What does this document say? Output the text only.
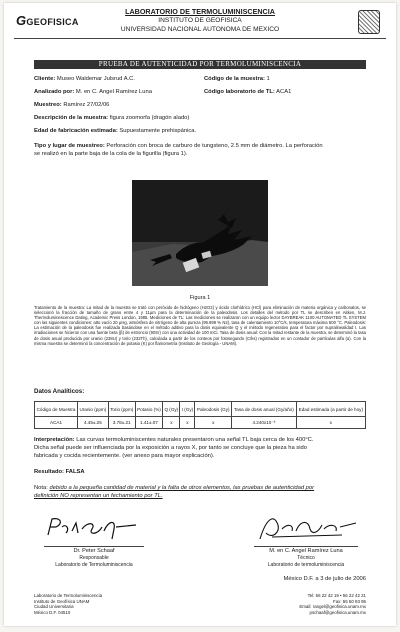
GGEOFISICA
LABORATORIO DE TERMOLUMINISCENCIA
INSTITUTO DE GEOFISICA
UNIVERSIDAD NACIONAL AUTONOMA DE MEXICO
PRUEBA DE AUTENTICIDAD POR TERMOLUMINISCENCIA
Cliente: Museo Waldemar Julsrud A.C.	Código de la muestra: 1
Analizado por: M. en C. Angel Ramírez Luna	Código laboratorio de TL: ACA1
Muestreo: Ramírez 27/02/06
Descripción de la muestra: figura zoomorfa (dragón alado)
Edad de fabricación estimada: Supuestamente prehispánica.
Tipo y lugar de muestreo: Perforación con broca de carburo de tungsteno, 2.5 mm de diámetro. La perforación
se realizó en la parte baja de la cola de la figurilla (figura 1).
Figura 1
Tratamiento de la muestra: La mitad de la muestra se trató con peróxido de hidrógeno (H2O2) y ácido clorhídrico (HCl) para eliminación de materia orgánica y carbonatos, se seleccionó la fracción de tamaño de grano entre 4 y 11µm para la determinación de la paleodosis. Los detalles del método por TL se describen en Aitken, M.J. Thermoluminescence Dating, Academic Press London, 1985. Mediciones de TL: Las mediciones se realizaron con un equipo lector DAYBREAK 1100 AUTOMATED TL SYSTEM con las siguientes condiciones: atto vacío 20 µHg, atmósfera de nitrógeno de alta pureza (99.999 % N2), tasa de calentamiento 10°C/s, temperatura máxima 500 °C. Paleodosis: La estimación de la paleodosis fue realizada basándose en el método aditivo para la dosis equivalente Q y el método regenerativo para el factor por supralinealidad I. Las irradiaciones se hicieron con una fuente beta (β) de estroncio (90Sr) con una actividad de 100 mCi. Tasa de dosis anual: Con la mitad restante de la muestra, se determinó la tasa de dosis anual producida por uranio (238U) y torio (232Th), calculada a partir de los conteos por fotosegundo (C/ks) registrados en un contador de partículas alfa (α). Con la misma muestra se determinó la concentración de potasio (K) por flamometría (Instituto de Geología - UNAM).
Datos Analíticos:
Código de Muestra	Uranio (ppm)	Torio (ppm)	Potasio (%)	Q (Gy)	I (Gy)	Paleodosis (Gy)	Tasa de dosis anual (Gy/año)	Edad estimada (a partir de hoy)
ACA1	4.45±.25	3.78±.21	1.41±.07	x	x	x	4.240x10⁻³	x
Interpretación: Las curvas termoluminiscentes naturales presentaron una señal TL baja cerca de los 400°C.
Dicha señal puede ser influenciada por la exposición a rayos X, por tanto se concluye que la pieza ha sido
fabricada y cocida recientemente. (ver anexo para mayor explicación).
Resultado: FALSA
Nota: debido a la pequeña cantidad de material y la falta de otros elementos, las pruebas de autenticidad por
definición NO representan un fechamiento por TL.
Dr. Peter Schaaf
Responsable
Laboratorio de Termoluminiscencia
M. en C. Angel Ramírez Luna
Técnico
Laboratorio de termoluminiscencia
México D.F. a 3 de julio de 2006
Laboratorio de Termoluminiscencia
Instituto de Geofísica UNAM
Ciudad Universitaria
México D.F. 04510
Tel: 56 22 42 19 • 56 22 42 21
Fax: 55 50 93 95
Email: rangel@geofisica.unam.mx
pschaaf@geofisica.unam.mx
